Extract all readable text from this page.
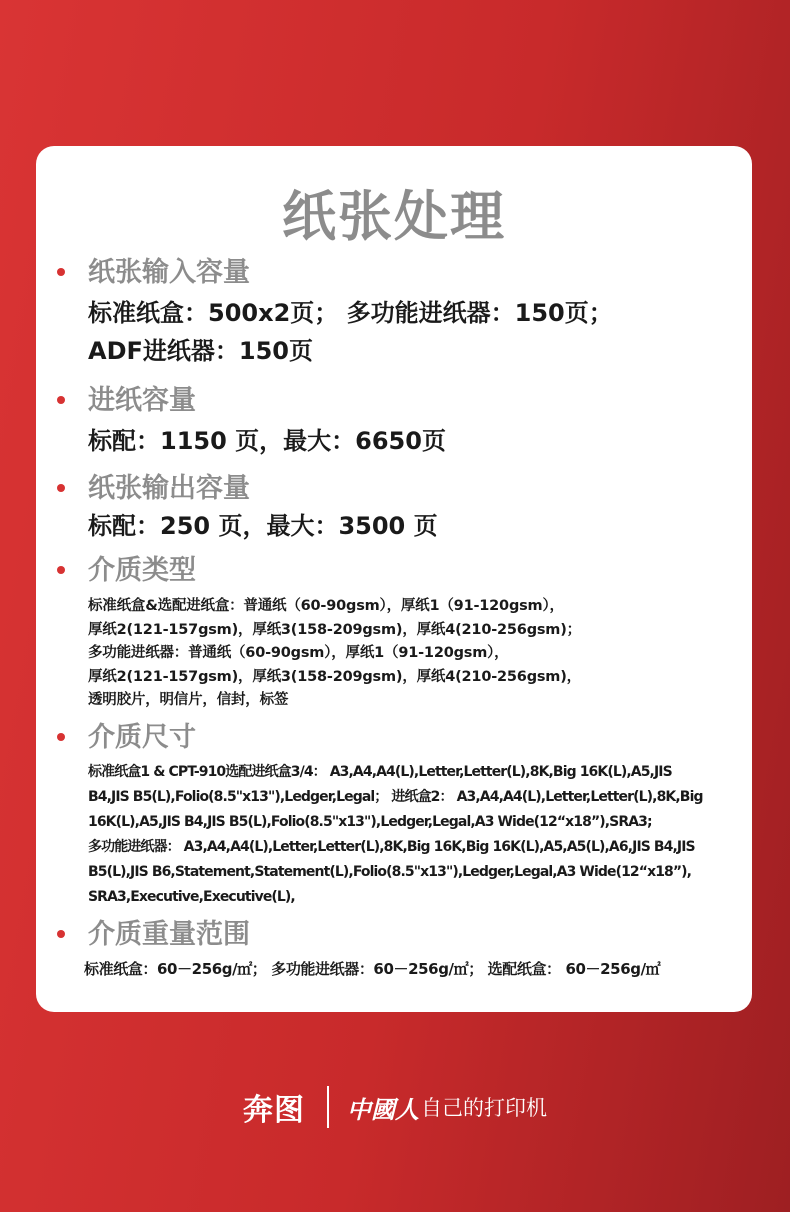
纸张处理
纸张输入容量
标准纸盒：500x2页； 多功能进纸器：150页；
ADF进纸器：150页
进纸容量
标配：1150 页，最大：6650页
纸张输出容量
标配：250 页，最大：3500 页
介质类型
标准纸盒&选配进纸盒：普通纸（60-90gsm），厚纸1（91-120gsm），
厚纸2(121-157gsm)，厚纸3(158-209gsm)，厚纸4(210-256gsm)；
多功能进纸器：普通纸（60-90gsm），厚纸1（91-120gsm），
厚纸2(121-157gsm)，厚纸3(158-209gsm)，厚纸4(210-256gsm)，
透明胶片，明信片，信封，标签
介质尺寸
标准纸盒1 & CPT-910选配进纸盒3/4： A3,A4,A4(L),Letter,Letter(L),8K,Big 16K(L),A5,JIS
B4,JIS B5(L),Folio(8.5"x13"),Ledger,Legal； 进纸盒2： A3,A4,A4(L),Letter,Letter(L),8K,Big
16K(L),A5,JIS B4,JIS B5(L),Folio(8.5"x13"),Ledger,Legal,A3 Wide(12“x18”),SRA3;
多功能进纸器： A3,A4,A4(L),Letter,Letter(L),8K,Big 16K,Big 16K(L),A5,A5(L),A6,JIS B4,JIS
B5(L),JIS B6,Statement,Statement(L),Folio(8.5"x13"),Ledger,Legal,A3 Wide(12“x18”),
SRA3,Executive,Executive(L),
介质重量范围
标准纸盒：60－256g/㎡； 多功能进纸器：60－256g/㎡； 选配纸盒： 60－256g/㎡
奔图 中國人 自己的打印机
